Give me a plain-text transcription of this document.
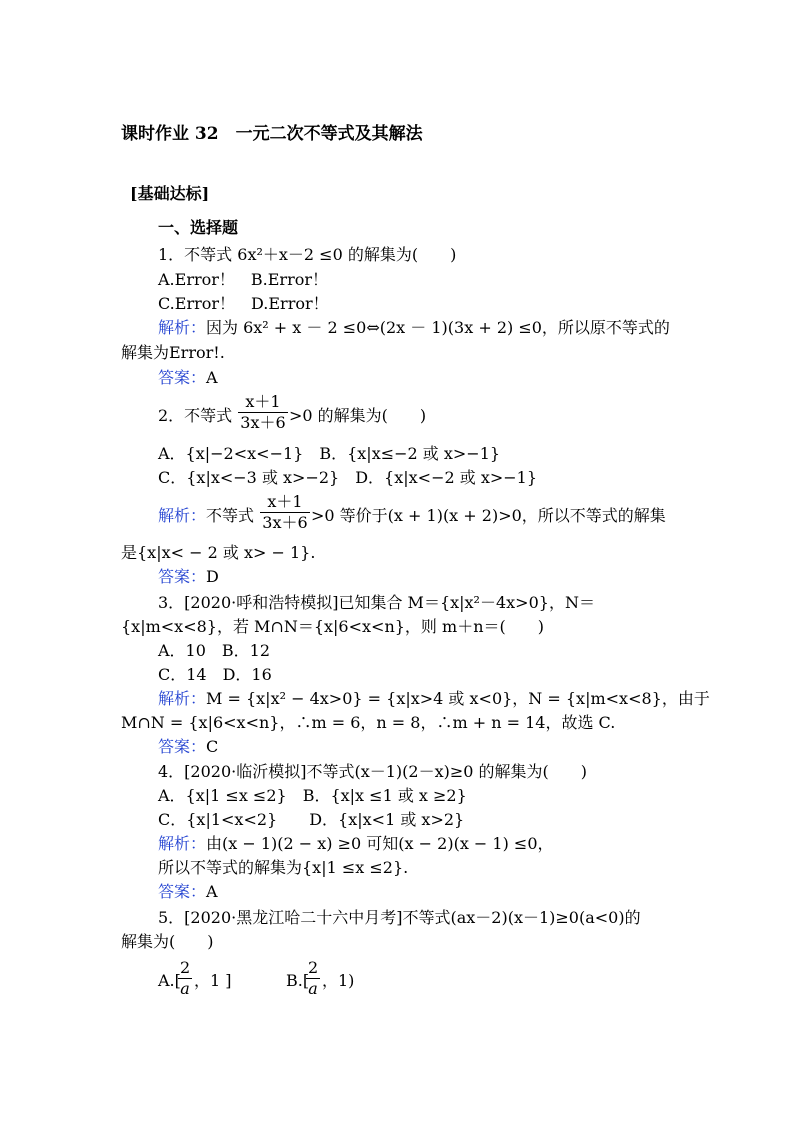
课时作业 32　一元二次不等式及其解法
[基础达标]
一、选择题
1．不等式 6x²＋x－2 ≤0 的解集为(　　)
A.Error！　B.Error！
C.Error！　D.Error！
解析：因为 6x² + x － 2 ≤0⇔(2x － 1)(3x + 2) ≤0，所以原不等式的
解集为Error!.
答案：A
2．不等式 $\frac{x+1}{3x+6} >0$ 的解集为(　　)
A．{x|−2<x<−1}　B．{x|x≤−2 或 x>−1}
C．{x|x<−3 或 x>−2}　D．{x|x<−2 或 x>−1}
解析：不等式 $\frac{x+1}{3x+6} >0$ 等价于(x + 1)(x + 2)>0，所以不等式的解集
是{x|x< − 2 或 x> − 1}.
答案：D
3．[2020·呼和浩特模拟]已知集合 M＝{x|x²－4x>0}，N＝
{x|m<x<8}，若 M∩N＝{x|6<x<n}，则 m＋n＝(　　)
A．10　B．12
C．14　D．16
解析：M = {x|x² − 4x>0} = {x|x>4 或 x<0}，N = {x|m<x<8}，由于
M∩N = {x|6<x<n}，∴m = 6，n = 8，∴m + n = 14，故选 C.
答案：C
4．[2020·临沂模拟]不等式(x－1)(2－x)≥0 的解集为(　　)
A．{x|1 ≤x ≤2}　B．{x|x ≤1 或 x ≥2}
C．{x|1<x<2}　　D．{x|x<1 或 x>2}
解析：由(x − 1)(2 − x) ≥0 可知(x − 2)(x − 1) ≤0，
所以不等式的解集为{x|1 ≤x ≤2}.
答案：A
5．[2020·黑龙江哈二十六中月考]不等式(ax－2)(x－1)≥0(a<0)的
解集为(　　)
A.[
$\frac{2}{a}$ ，1 ]	B.[
$\frac{2}{a}$ ，1)
